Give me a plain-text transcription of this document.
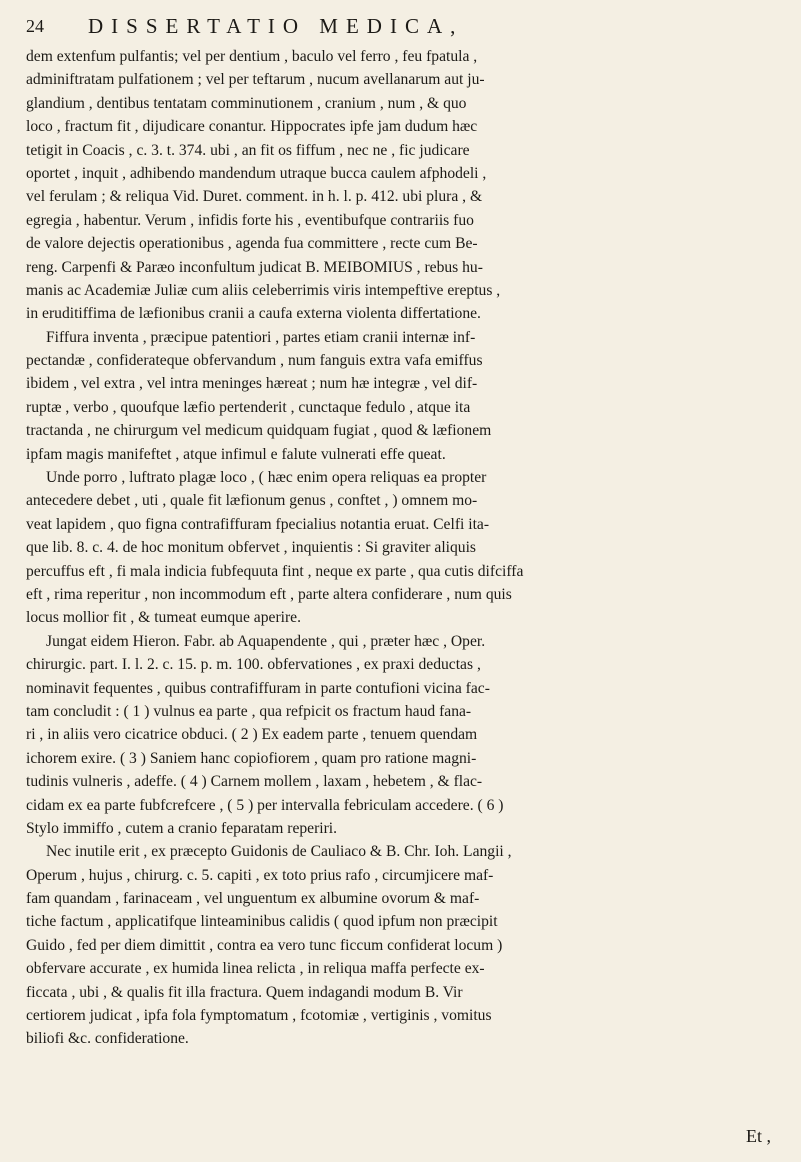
24 DISSERTATIO MEDICA,
dem extenfum pulfantis; vel per dentium , baculo vel ferro , feu fpatula ,
adminiftratam pulfationem ; vel per teftarum , nucum avellanarum aut ju-
glandium , dentibus tentatam comminutionem , cranium , num , & quo
loco , fractum fit , dijudicare conantur. Hippocrates ipfe jam dudum hæc
tetigit in Coacis , c. 3. t. 374. ubi , an fit os fiffum , nec ne , fic judicare
oportet , inquit , adhibendo mandendum utraque bucca caulem afphodeli ,
vel ferulam ; & reliqua Vid. Duret. comment. in h. l. p. 412. ubi plura , &
egregia , habentur. Verum , infidis forte his , eventibufque contrariis fuo
de valore dejectis operationibus , agenda fua committere , recte cum Be-
reng. Carpenfi & Paræo inconfultum judicat B. MEIBOMIUS , rebus hu-
manis ac Academiæ Juliæ cum aliis celeberrimis viris intempeftive ereptus ,
in eruditiffima de læfionibus cranii a caufa externa violenta differtatione.
Fiffura inventa , præcipue patentiori , partes etiam cranii internæ inf-
pectandæ , confiderateque obfervandum , num fanguis extra vafa emiffus
ibidem , vel extra , vel intra meninges hæreat ; num hæ integræ , vel dif-
ruptæ , verbo , quoufque læfio pertenderit , cunctaque fedulo , atque ita
tractanda , ne chirurgum vel medicum quidquam fugiat , quod & læfionem
ipfam magis manifeftet , atque infimul e falute vulnerati effe queat.
Unde porro , luftrato plagæ loco , ( hæc enim opera reliquas ea propter
antecedere debet , uti , quale fit læfionum genus , conftet , ) omnem mo-
veat lapidem , quo figna contrafiffuram fpecialius notantia eruat. Celfi ita-
que lib. 8. c. 4. de hoc monitum obfervet , inquientis : Si graviter aliquis
percuffus eft , fi mala indicia fubfequuta fint , neque ex parte , qua cutis difciffa
eft , rima reperitur , non incommodum eft , parte altera confiderare , num quis
locus mollior fit , & tumeat eumque aperire.
Jungat eidem Hieron. Fabr. ab Aquapendente , qui , præter hæc , Oper.
chirurgic. part. I. l. 2. c. 15. p. m. 100. obfervationes , ex praxi deductas ,
nominavit fequentes , quibus contrafiffuram in parte contufioni vicina fac-
tam concludit : ( 1 ) vulnus ea parte , qua refpicit os fractum haud fana-
ri , in aliis vero cicatrice obduci. ( 2 ) Ex eadem parte , tenuem quendam
ichorem exire. ( 3 ) Saniem hanc copiofiorem , quam pro ratione magni-
tudinis vulneris , adeffe. ( 4 ) Carnem mollem , laxam , hebetem , & flac-
cidam ex ea parte fubfcrefcere , ( 5 ) per intervalla febriculam accedere. ( 6 )
Stylo immiffo , cutem a cranio feparatam reperiri.
Nec inutile erit , ex præcepto Guidonis de Cauliaco & B. Chr. Ioh. Langii ,
Operum , hujus , chirurg. c. 5. capiti , ex toto prius rafo , circumjicere maf-
fam quandam , farinaceam , vel unguentum ex albumine ovorum & maf-
tiche factum , applicatifque linteaminibus calidis ( quod ipfum non præcipit
Guido , fed per diem dimittit , contra ea vero tunc ficcum confiderat locum )
obfervare accurate , ex humida linea relicta , in reliqua maffa perfecte ex-
ficcata , ubi , & qualis fit illa fractura. Quem indagandi modum B. Vir
certiorem judicat , ipfa fola fymptomatum , fcotomiæ , vertiginis , vomitus
biliofi &c. confideratione.
Et ,
